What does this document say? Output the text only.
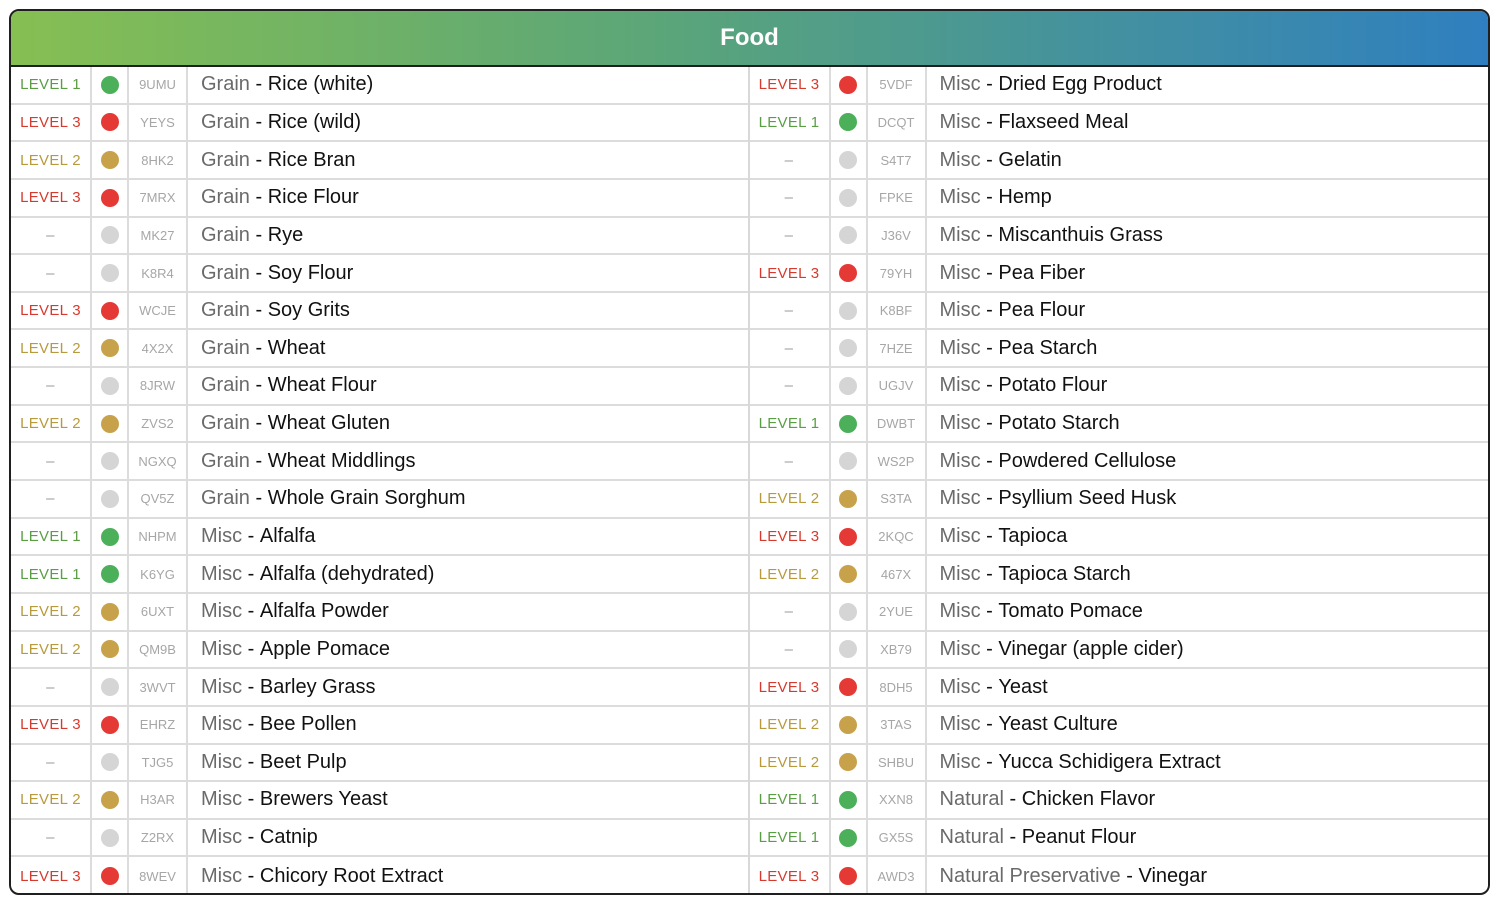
Food
LEVEL 1	9UMU	Grain - Rice (white)
LEVEL 3	YEYS	Grain - Rice (wild)
LEVEL 2	8HK2	Grain - Rice Bran
LEVEL 3	7MRX	Grain - Rice Flour
–	MK27	Grain - Rye
–	K8R4	Grain - Soy Flour
LEVEL 3	WCJE	Grain - Soy Grits
LEVEL 2	4X2X	Grain - Wheat
–	8JRW	Grain - Wheat Flour
LEVEL 2	ZVS2	Grain - Wheat Gluten
–	NGXQ	Grain - Wheat Middlings
–	QV5Z	Grain - Whole Grain Sorghum
LEVEL 1	NHPM	Misc - Alfalfa
LEVEL 1	K6YG	Misc - Alfalfa (dehydrated)
LEVEL 2	6UXT	Misc - Alfalfa Powder
LEVEL 2	QM9B	Misc - Apple Pomace
–	3WVT	Misc - Barley Grass
LEVEL 3	EHRZ	Misc - Bee Pollen
–	TJG5	Misc - Beet Pulp
LEVEL 2	H3AR	Misc - Brewers Yeast
–	Z2RX	Misc - Catnip
LEVEL 3	8WEV	Misc - Chicory Root Extract
LEVEL 3	5VDF	Misc - Dried Egg Product
LEVEL 1	DCQT	Misc - Flaxseed Meal
–	S4T7	Misc - Gelatin
–	FPKE	Misc - Hemp
–	J36V	Misc - Miscanthuis Grass
LEVEL 3	79YH	Misc - Pea Fiber
–	K8BF	Misc - Pea Flour
–	7HZE	Misc - Pea Starch
–	UGJV	Misc - Potato Flour
LEVEL 1	DWBT	Misc - Potato Starch
–	WS2P	Misc - Powdered Cellulose
LEVEL 2	S3TA	Misc - Psyllium Seed Husk
LEVEL 3	2KQC	Misc - Tapioca
LEVEL 2	467X	Misc - Tapioca Starch
–	2YUE	Misc - Tomato Pomace
–	XB79	Misc - Vinegar (apple cider)
LEVEL 3	8DH5	Misc - Yeast
LEVEL 2	3TAS	Misc - Yeast Culture
LEVEL 2	SHBU	Misc - Yucca Schidigera Extract
LEVEL 1	XXN8	Natural - Chicken Flavor
LEVEL 1	GX5S	Natural - Peanut Flour
LEVEL 3	AWD3	Natural Preservative - Vinegar
